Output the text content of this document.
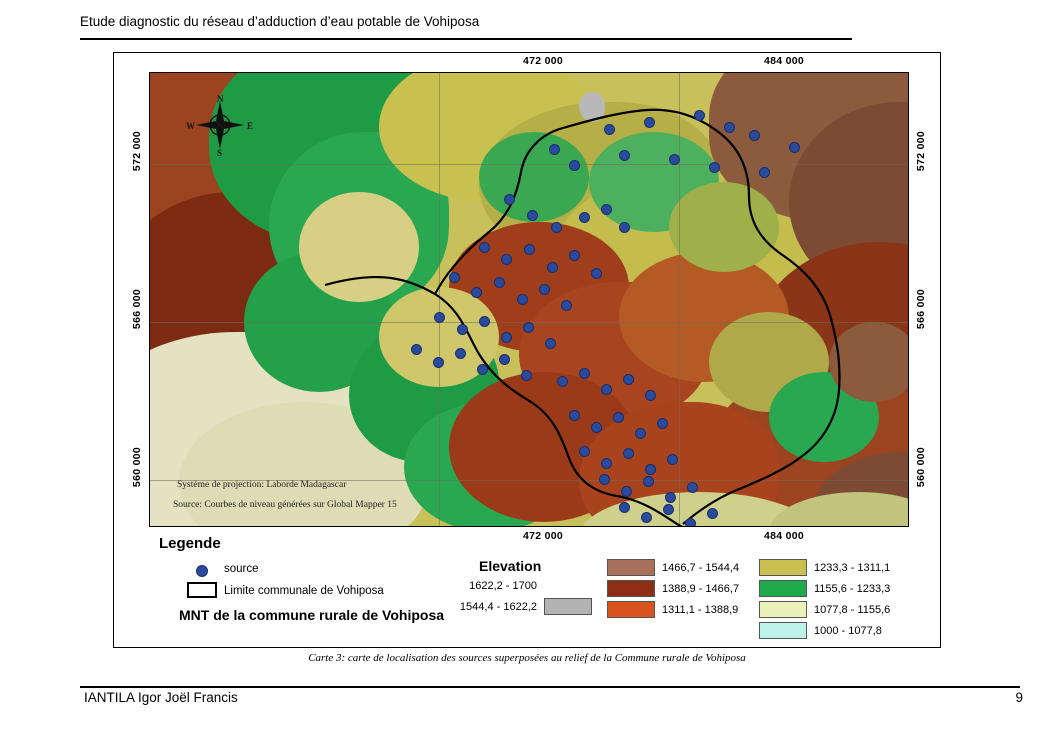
Etude diagnostic du réseau d’adduction d’eau potable de Vohiposa
472 000	484 000
472 000	484 000
572 000
566 000
560 000
572 000
566 000
560 000
N
S
W	E
Système de projection: Laborde Madagascar
Source: Courbes de niveau générées sur Global Mapper 15
Legende
source
Limite communale de Vohiposa
MNT de la commune rurale de Vohiposa
Elevation
1622,2 - 1700
1544,4 - 1622,2
1466,7 - 1544,4
1388,9 - 1466,7
1311,1 - 1388,9
1233,3 - 1311,1
1155,6 - 1233,3
1077,8 - 1155,6
1000 - 1077,8
Carte 3: carte de localisation des sources superposées au relief de la Commune rurale de Vohiposa
IANTILA Igor Joël Francis	9
